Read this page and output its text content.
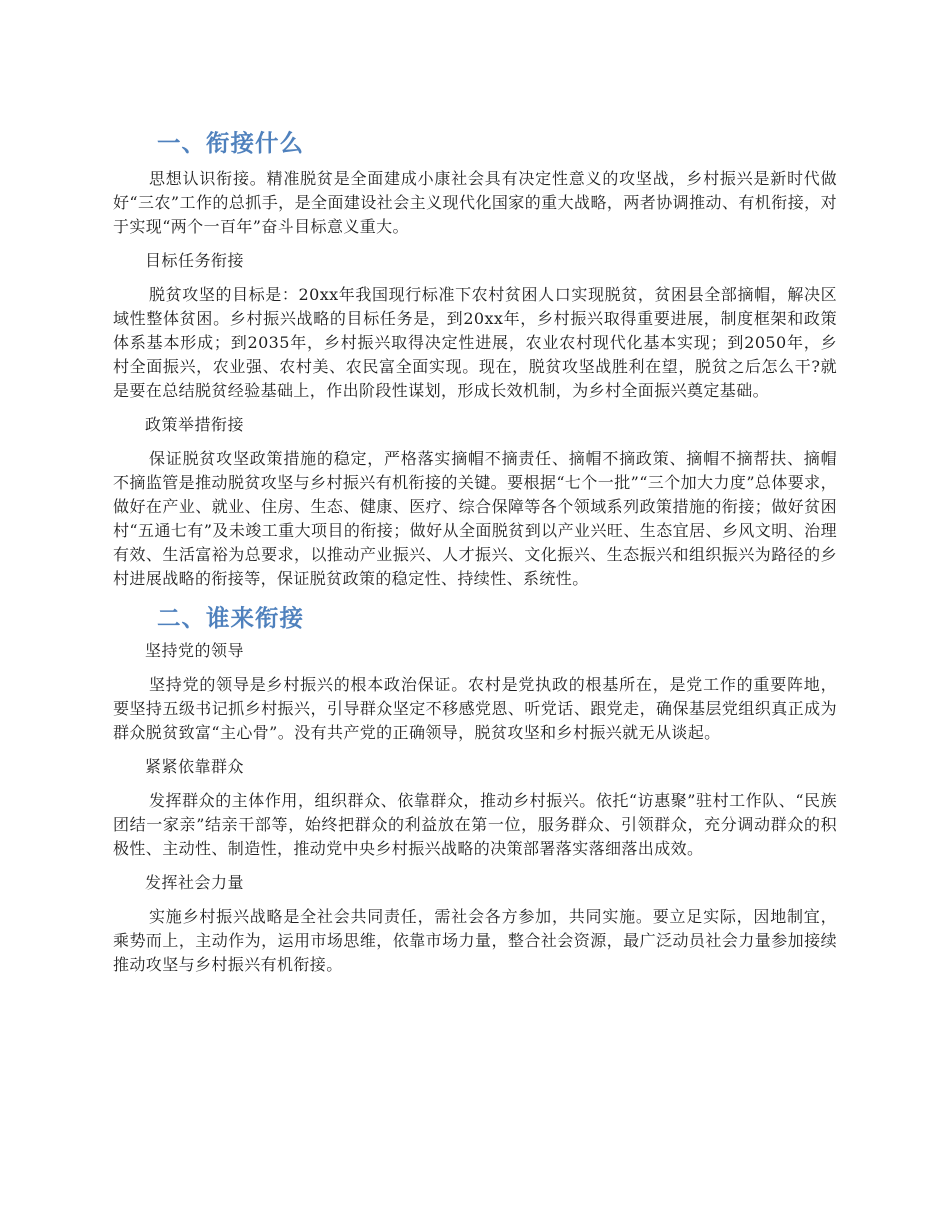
一、衔接什么

思想认识衔接。精准脱贫是全面建成小康社会具有决定性意义的攻坚战，乡村振兴是新时代做好“三农”工作的总抓手，是全面建设社会主义现代化国家的重大战略，两者协调推动、有机衔接，对于实现“两个一百年”奋斗目标意义重大。

目标任务衔接

脱贫攻坚的目标是：20xx年我国现行标准下农村贫困人口实现脱贫，贫困县全部摘帽，解决区域性整体贫困。乡村振兴战略的目标任务是，到20xx年，乡村振兴取得重要进展，制度框架和政策体系基本形成；到2035年，乡村振兴取得决定性进展，农业农村现代化基本实现；到2050年，乡村全面振兴，农业强、农村美、农民富全面实现。现在，脱贫攻坚战胜利在望，脱贫之后怎么干?就是要在总结脱贫经验基础上，作出阶段性谋划，形成长效机制，为乡村全面振兴奠定基础。

政策举措衔接

保证脱贫攻坚政策措施的稳定，严格落实摘帽不摘责任、摘帽不摘政策、摘帽不摘帮扶、摘帽不摘监管是推动脱贫攻坚与乡村振兴有机衔接的关键。要根据“七个一批”“三个加大力度”总体要求，做好在产业、就业、住房、生态、健康、医疗、综合保障等各个领域系列政策措施的衔接；做好贫困村“五通七有”及未竣工重大项目的衔接；做好从全面脱贫到以产业兴旺、生态宜居、乡风文明、治理有效、生活富裕为总要求，以推动产业振兴、人才振兴、文化振兴、生态振兴和组织振兴为路径的乡村进展战略的衔接等，保证脱贫政策的稳定性、持续性、系统性。

二、谁来衔接

坚持党的领导

坚持党的领导是乡村振兴的根本政治保证。农村是党执政的根基所在，是党工作的重要阵地，要坚持五级书记抓乡村振兴，引导群众坚定不移感党恩、听党话、跟党走，确保基层党组织真正成为群众脱贫致富“主心骨”。没有共产党的正确领导，脱贫攻坚和乡村振兴就无从谈起。

紧紧依靠群众

发挥群众的主体作用，组织群众、依靠群众，推动乡村振兴。依托“访惠聚”驻村工作队、“民族团结一家亲”结亲干部等，始终把群众的利益放在第一位，服务群众、引领群众，充分调动群众的积极性、主动性、制造性，推动党中央乡村振兴战略的决策部署落实落细落出成效。

发挥社会力量

实施乡村振兴战略是全社会共同责任，需社会各方参加，共同实施。要立足实际，因地制宜，乘势而上，主动作为，运用市场思维，依靠市场力量，整合社会资源，最广泛动员社会力量参加接续推动攻坚与乡村振兴有机衔接。
